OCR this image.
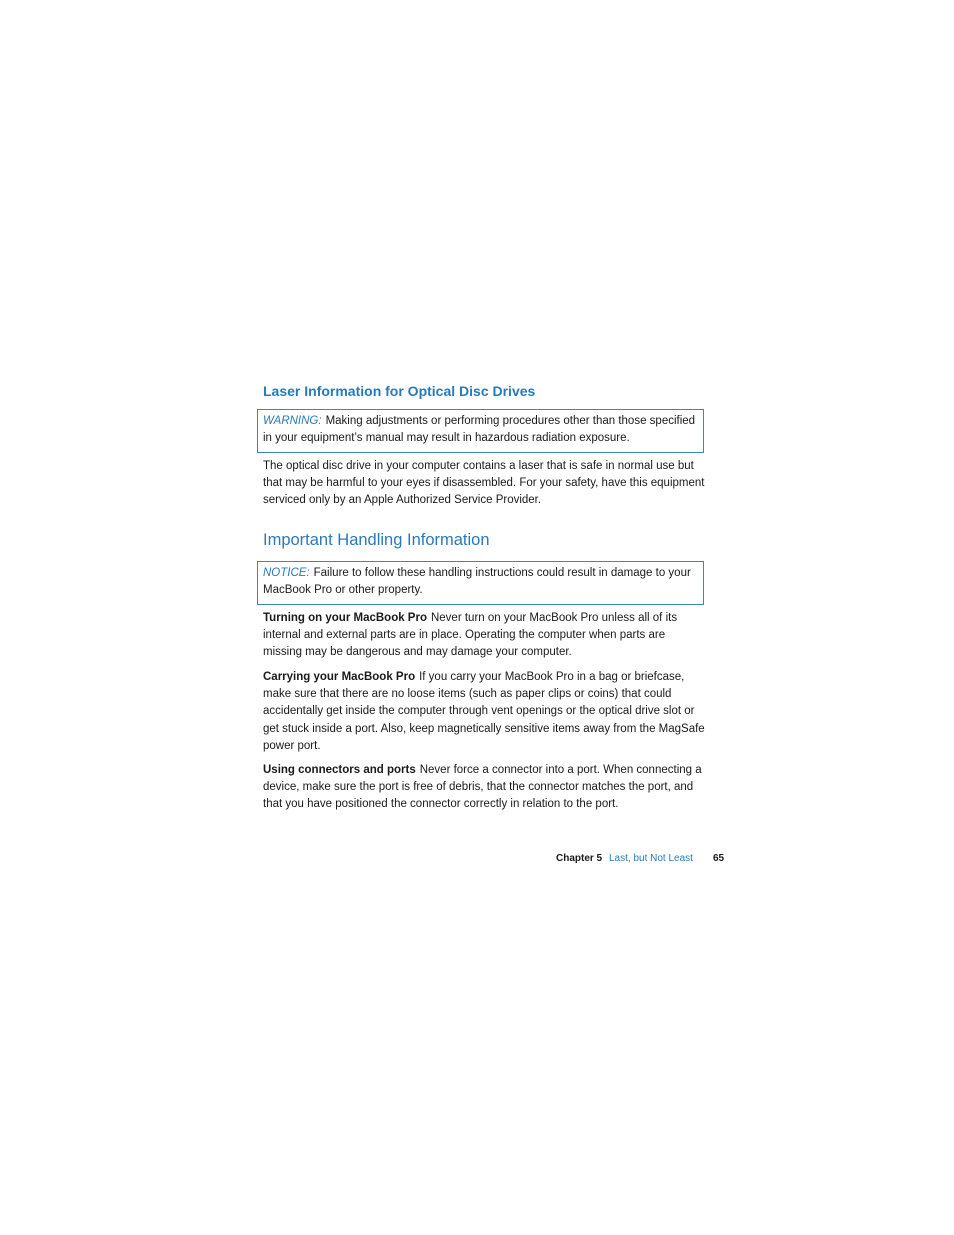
Laser Information for Optical Disc Drives
WARNING: Making adjustments or performing procedures other than those specified in your equipment’s manual may result in hazardous radiation exposure.

The optical disc drive in your computer contains a laser that is safe in normal use but that may be harmful to your eyes if disassembled. For your safety, have this equipment serviced only by an Apple Authorized Service Provider.

Important Handling Information
NOTICE: Failure to follow these handling instructions could result in damage to your MacBook Pro or other property.

Turning on your MacBook Pro Never turn on your MacBook Pro unless all of its internal and external parts are in place. Operating the computer when parts are missing may be dangerous and may damage your computer.

Carrying your MacBook Pro If you carry your MacBook Pro in a bag or briefcase, make sure that there are no loose items (such as paper clips or coins) that could accidentally get inside the computer through vent openings or the optical drive slot or get stuck inside a port. Also, keep magnetically sensitive items away from the MagSafe power port.

Using connectors and ports Never force a connector into a port. When connecting a device, make sure the port is free of debris, that the connector matches the port, and that you have positioned the connector correctly in relation to the port.

Chapter 5 Last, but Not Least 65
